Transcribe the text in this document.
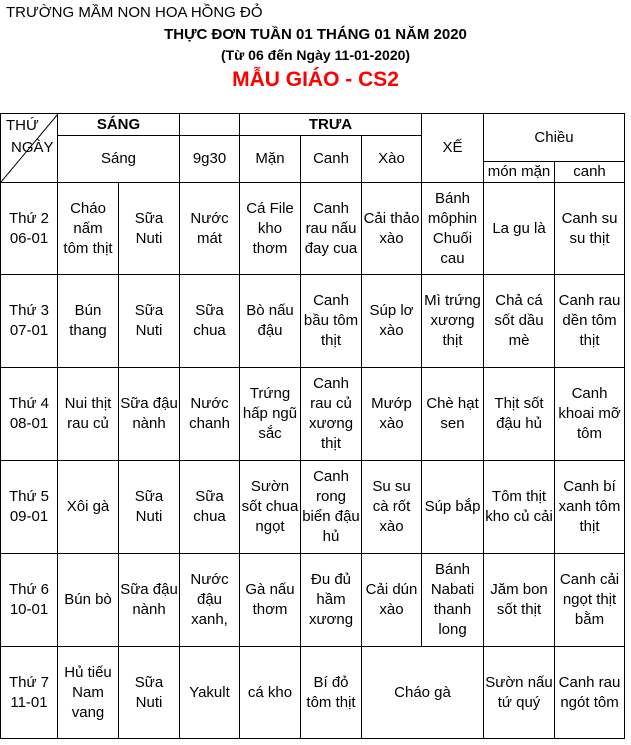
TRƯỜNG MẦM NON HOA HỒNG ĐỎ
THỰC ĐƠN TUẦN 01 THÁNG 01 NĂM 2020
(Từ 06 đến Ngày 11-01-2020)
MẪU GIÁO - CS2
THỨ
NGÀY	SÁNG			TRƯA			XẾ	Chiều	
	Sáng		9g30	Mặn	Canh	Xào			
								món mặn	canh
Thứ 2
06-01	Cháo nấm tôm thịt	Sữa Nuti	Nước mát	Cá File kho thơm	Canh rau nấu đay cua	Cải thảo xào	Bánh môphin Chuối cau	La gu là	Canh su su thịt
Thứ 3
07-01	Bún thang	Sữa Nuti	Sữa chua	Bò nấu đậu	Canh bầu tôm thịt	Súp lơ xào	Mì trứng xương thịt	Chả cá sốt dầu mè	Canh rau dền tôm thịt
Thứ 4
08-01	Nui thịt rau củ	Sữa đậu nành	Nước chanh	Trứng hấp ngũ sắc	Canh rau củ xương thịt	Mướp xào	Chè hạt sen	Thịt sốt đậu hủ	Canh khoai mỡ tôm
Thứ 5
09-01	Xôi gà	Sữa Nuti	Sữa chua	Sườn sốt chua ngọt	Canh rong biển đậu hủ	Su su cà rốt xào	Súp bắp	Tôm thịt kho củ cải	Canh bí xanh tôm thịt
Thứ 6
10-01	Bún bò	Sữa đậu nành	Nước đậu xanh,	Gà nấu thơm	Đu đủ hầm xương	Cải dún xào	Bánh Nabati thanh long	Jăm bon sốt thịt	Canh cải ngọt thịt bằm
Thứ 7
11-01	Hủ tiếu Nam vang	Sữa Nuti	Yakult	cá kho	Bí đỏ tôm thịt	Cháo gà		Sườn nấu tứ quý	Canh rau ngót tôm
